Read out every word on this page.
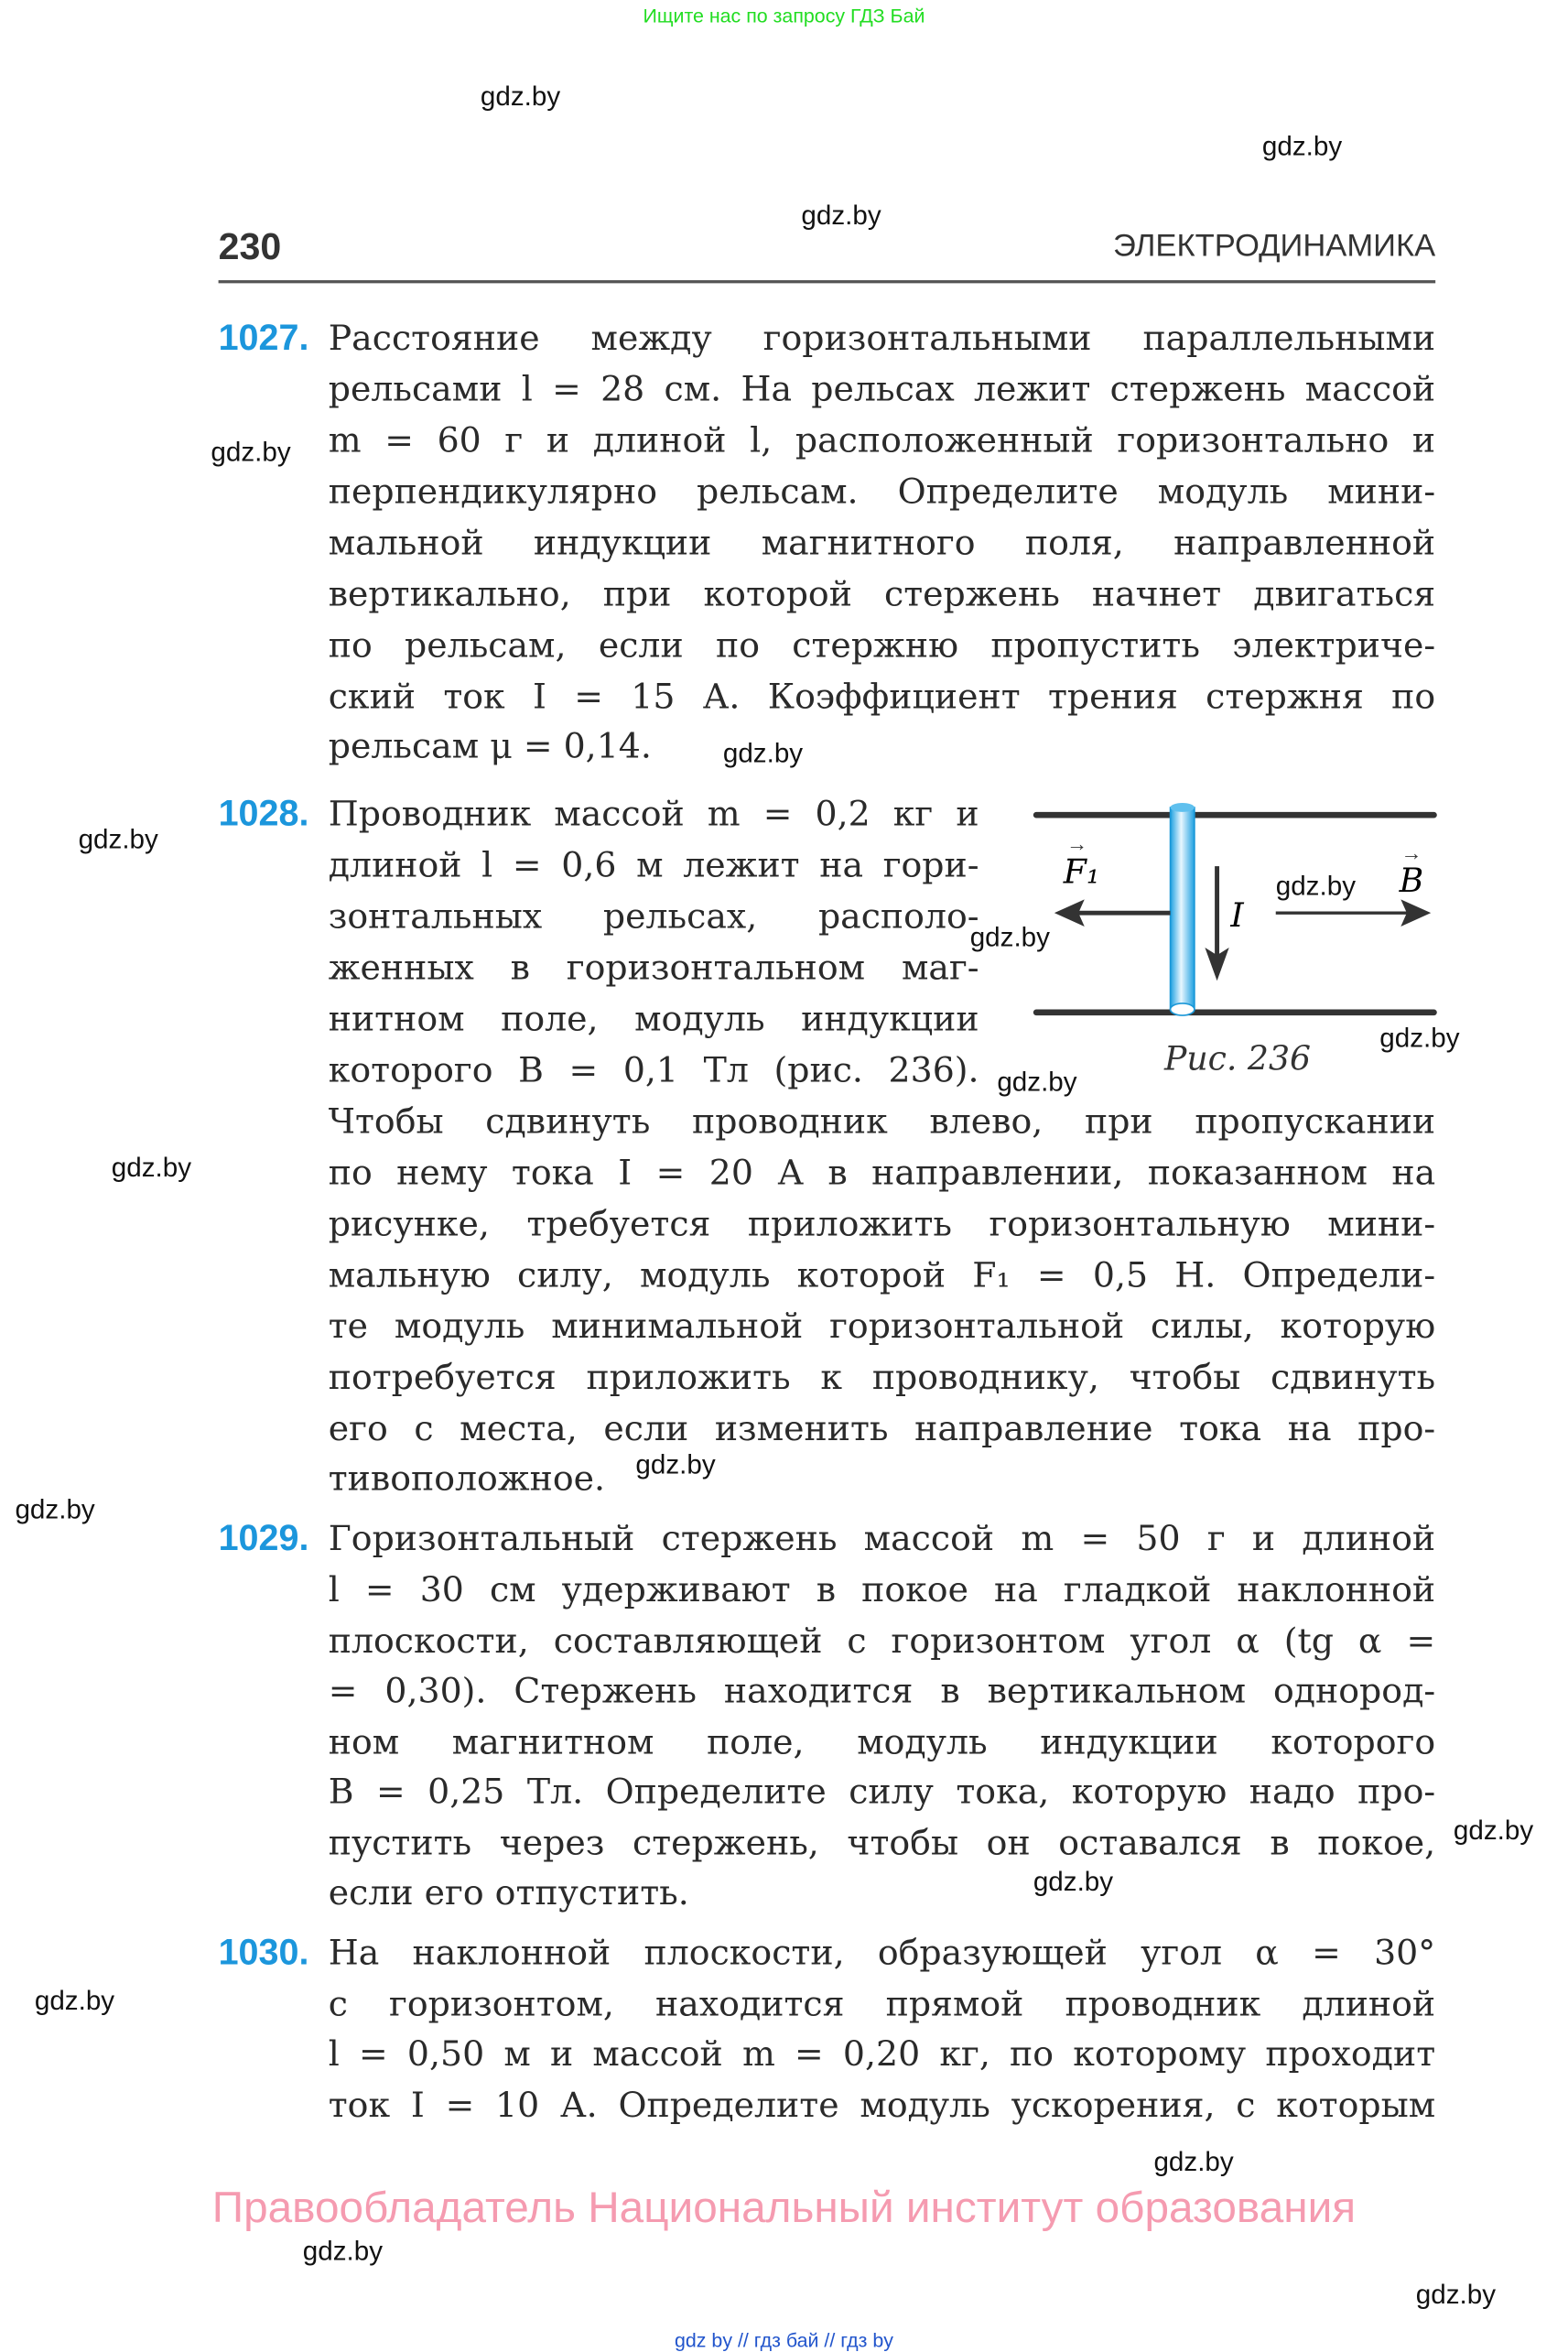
Ищите нас по запросу ГДЗ Бай
230	ЭЛЕКТРОДИНАМИКА
1027. Расстояние между горизонтальными параллельными
рельсами l = 28 см. На рельсах лежит стержень массой
m = 60 г и длиной l, расположенный горизонтально и
перпендикулярно рельсам. Определите модуль мини-
мальной индукции магнитного поля, направленной
вертикально, при которой стержень начнет двигаться
по рельсам, если по стержню пропустить электриче-
ский ток I = 15 А. Коэффициент трения стержня по
рельсам μ = 0,14.
1028. Проводник массой m = 0,2 кг и
длиной l = 0,6 м лежит на гори-
зонтальных рельсах, располо-
женных в горизонтальном маг-
нитном поле, модуль индукции
которого B = 0,1 Тл (рис. 236).
Чтобы сдвинуть проводник влево, при пропускании
по нему тока I = 20 А в направлении, показанном на
рисунке, требуется приложить горизонтальную мини-
мальную силу, модуль которой F₁ = 0,5 Н. Определи-
те модуль минимальной горизонтальной силы, которую
потребуется приложить к проводнику, чтобы сдвинуть
его с места, если изменить направление тока на про-
тивоположное.
1029. Горизонтальный стержень массой m = 50 г и длиной
l = 30 см удерживают в покое на гладкой наклонной
плоскости, составляющей с горизонтом угол α (tg α =
= 0,30). Стержень находится в вертикальном однород-
ном магнитном поле, модуль индукции которого
B = 0,25 Тл. Определите силу тока, которую надо про-
пустить через стержень, чтобы он оставался в покое,
если его отпустить.
1030. На наклонной плоскости, образующей угол α = 30°
с горизонтом, находится прямой проводник длиной
l = 0,50 м и массой m = 0,20 кг, по которому проходит
ток I = 10 А. Определите модуль ускорения, с которым
gdz.by
gdz.by
gdz.by
gdz.by
gdz.by
gdz.by
gdz.by
gdz.by
gdz.by
gdz.by
gdz.by
gdz.by
gdz.by
gdz.by
gdz.by
gdz.by
gdz.by
gdz.by
gdz.by
F₁
→
I
B
→
Рис. 236
Правообладатель Национальный институт образования
gdz by // гдз бай // гдз by
